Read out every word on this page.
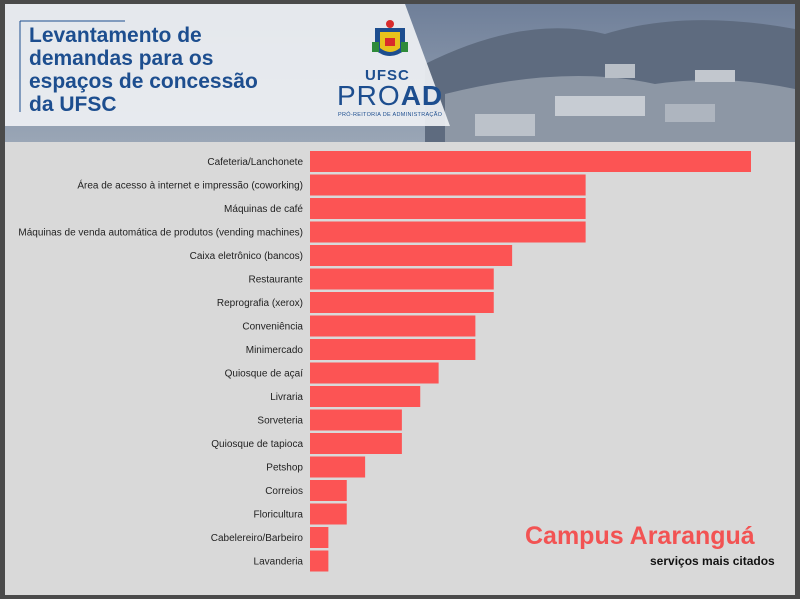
Levantamento de
demandas para os
espaços de concessão
da UFSC
UFSC
PROAD
PRÓ-REITORIA DE ADMINISTRAÇÃO
Cafeteria/Lanchonete
Área de acesso à internet e impressão (coworking)
Máquinas de café
Máquinas de venda automática de produtos (vending machines)
Caixa eletrônico (bancos)
Restaurante
Reprografia (xerox)
Conveniência
Minimercado
Quiosque de açaí
Livraria
Sorveteria
Quiosque de tapioca
Petshop
Correios
Floricultura
Cabelereiro/Barbeiro
Lavanderia
Campus Araranguá
serviços mais citados
